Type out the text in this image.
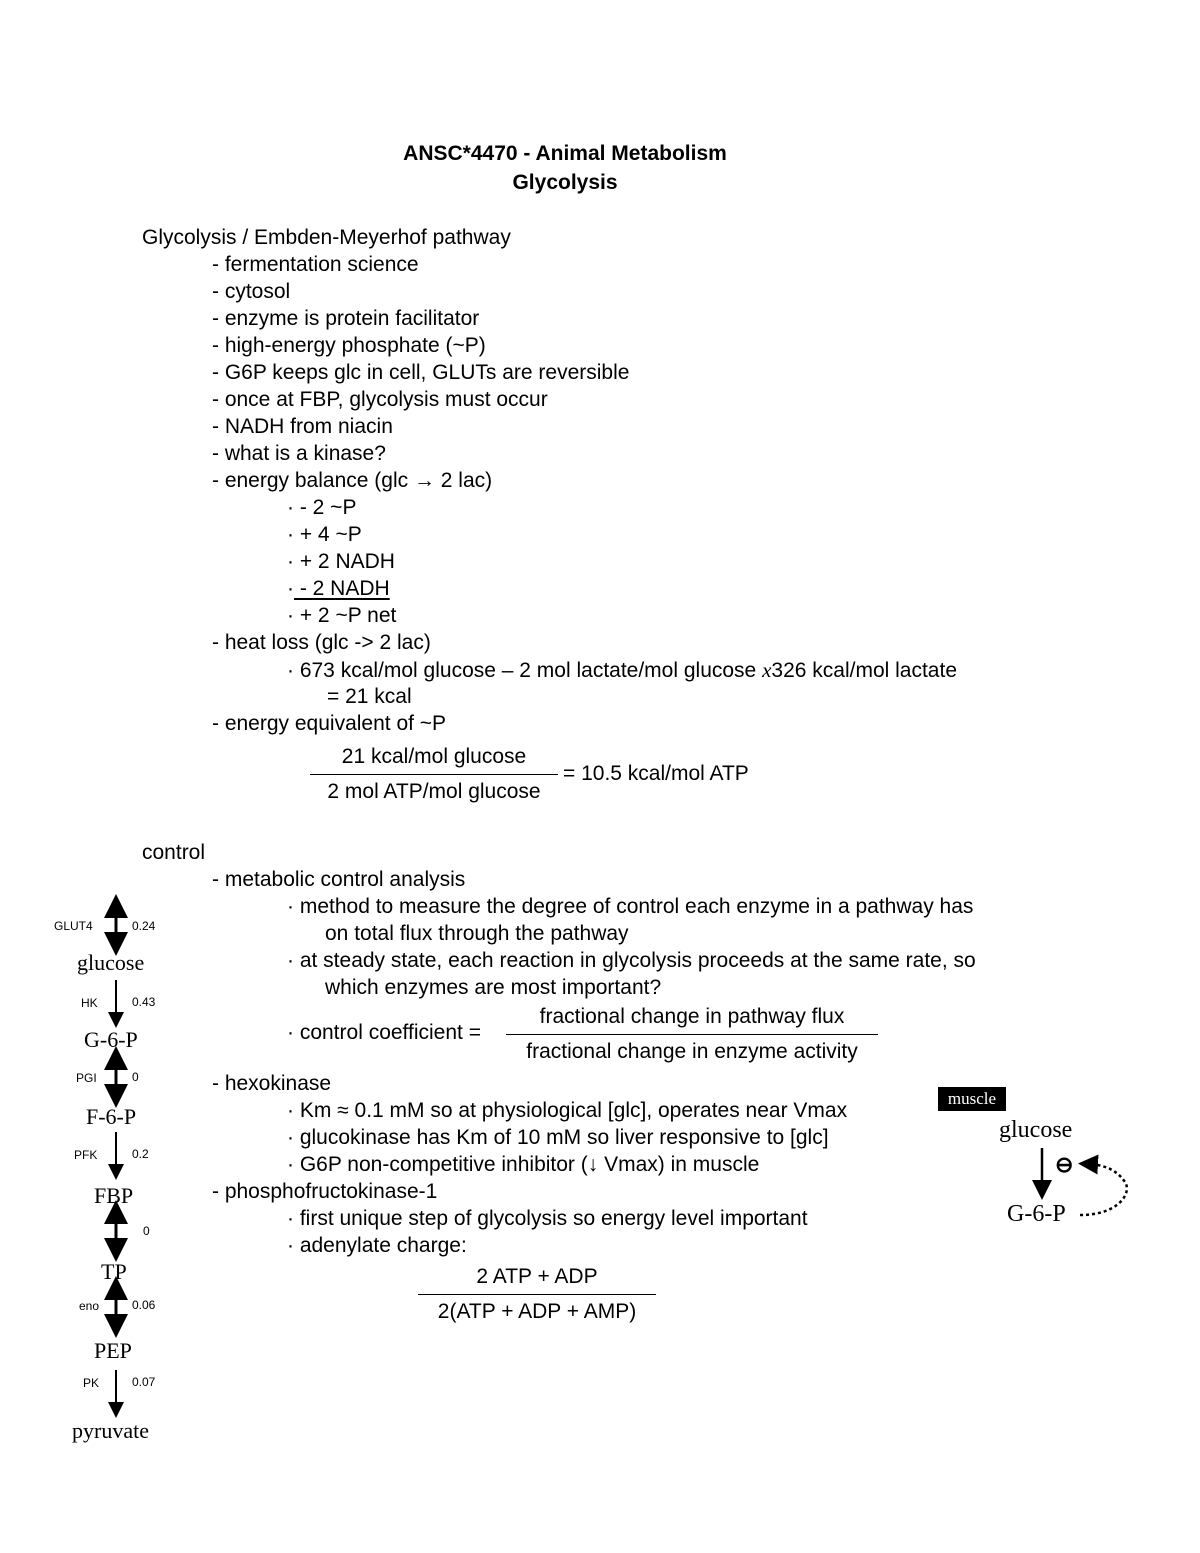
ANSC*4470 - Animal Metabolism
Glycolysis
Glycolysis / Embden-Meyerhof pathway
- fermentation science
- cytosol
- enzyme is protein facilitator
- high-energy phosphate (~P)
- G6P keeps glc in cell, GLUTs are reversible
- once at FBP, glycolysis must occur
- NADH from niacin
- what is a kinase?
- energy balance (glc → 2 lac)
· - 2 ~P
· + 4 ~P
· + 2 NADH
· - 2 NADH
· + 2 ~P net
- heat loss (glc -> 2 lac)
· 673 kcal/mol glucose – 2 mol lactate/mol glucose x326 kcal/mol lactate
= 21 kcal
- energy equivalent of ~P
21 kcal/mol glucose
2 mol ATP/mol glucose
= 10.5 kcal/mol ATP
control
- metabolic control analysis
· method to measure the degree of control each enzyme in a pathway has
on total flux through the pathway
· at steady state, each reaction in glycolysis proceeds at the same rate, so
which enzymes are most important?
· control coefficient =
fractional change in pathway flux
fractional change in enzyme activity
- hexokinase
· Km ≈ 0.1 mM so at physiological [glc], operates near Vmax
· glucokinase has Km of 10 mM so liver responsive to [glc]
· G6P non-competitive inhibitor (↓ Vmax) in muscle
- phosphofructokinase-1
· first unique step of glycolysis so energy level important
· adenylate charge:
2 ATP + ADP
2(ATP + ADP + AMP)
GLUT4	0.24
HK	0.43
PGI	0
PFK	0.2
0
eno	0.06
PK	0.07
glucose
G-6-P
F-6-P
FBP
TP
PEP
pyruvate
muscle
glucose
G-6-P
⊖
